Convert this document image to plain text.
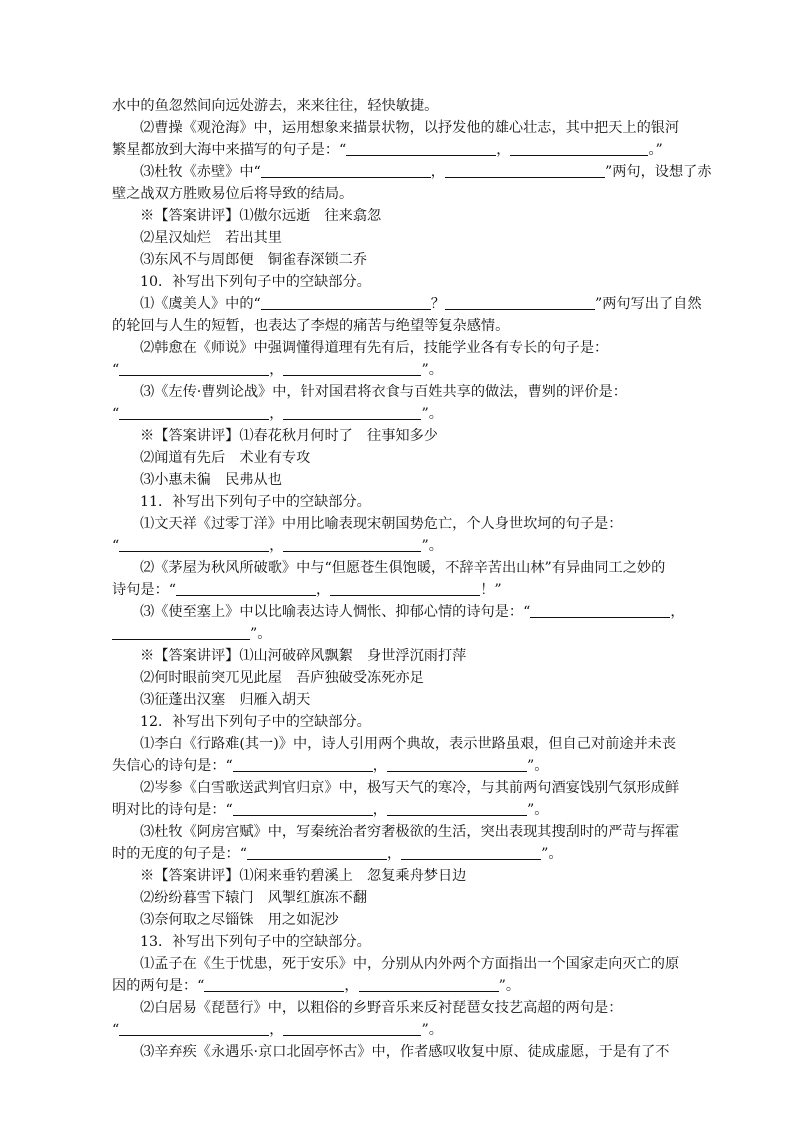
水中的鱼忽然间向远处游去，来来往往，轻快敏捷。
⑵曹操《观沧海》中，运用想象来描景状物，以抒发他的雄心壮志，其中把天上的银河
繁星都放到大海中来描写的句子是：“	，	。”
⑶杜牧《赤壁》中“	，	”两句，设想了赤
壁之战双方胜败易位后将导致的结局。
※【答案讲评】⑴傲尔远逝　往来翕忽
⑵星汉灿烂　若出其里
⑶东风不与周郎便　铜雀春深锁二乔
10．补写出下列句子中的空缺部分。
⑴《虞美人》中的“	？	”两句写出了自然
的轮回与人生的短暂，也表达了李煜的痛苦与绝望等复杂感情。
⑵韩愈在《师说》中强调懂得道理有先有后，技能学业各有专长的句子是：
“	，	”。
⑶《左传·曹刿论战》中，针对国君将衣食与百姓共享的做法，曹刿的评价是：
“	，	”。
※【答案讲评】⑴春花秋月何时了　往事知多少
⑵闻道有先后　术业有专攻
⑶小惠未徧　民弗从也
11．补写出下列句子中的空缺部分。
⑴文天祥《过零丁洋》中用比喻表现宋朝国势危亡，个人身世坎坷的句子是：
“	，	”。
⑵《茅屋为秋风所破歌》中与“但愿苍生俱饱暖，不辞辛苦出山林”有异曲同工之妙的
诗句是：“	，	！”
⑶《使至塞上》中以比喻表达诗人惆怅、抑郁心情的诗句是：“	，
”。
※【答案讲评】⑴山河破碎风飘絮　身世浮沉雨打萍
⑵何时眼前突兀见此屋　吾庐独破受冻死亦足
⑶征蓬出汉塞　归雁入胡天
12．补写出下列句子中的空缺部分。
⑴李白《行路难(其一)》中，诗人引用两个典故，表示世路虽艰，但自己对前途并未丧
失信心的诗句是：“	，	”。
⑵岑参《白雪歌送武判官归京》中，极写天气的寒冷，与其前两句酒宴饯别气氛形成鲜
明对比的诗句是：“	，	”。
⑶杜牧《阿房宫赋》中，写秦统治者穷奢极欲的生活，突出表现其搜刮时的严苛与挥霍
时的无度的句子是：“	，	”。
※【答案讲评】⑴闲来垂钓碧溪上　忽复乘舟梦日边
⑵纷纷暮雪下辕门　风掣红旗冻不翻
⑶奈何取之尽锱铢　用之如泥沙
13．补写出下列句子中的空缺部分。
⑴孟子在《生于忧患，死于安乐》中，分别从内外两个方面指出一个国家走向灭亡的原
因的两句是：“	，	”。
⑵白居易《琵琶行》中，以粗俗的乡野音乐来反衬琵琶女技艺高超的两句是：
“	，	”。
⑶辛弃疾《永遇乐·京口北固亭怀古》中，作者感叹收复中原、徒成虚愿，于是有了不
